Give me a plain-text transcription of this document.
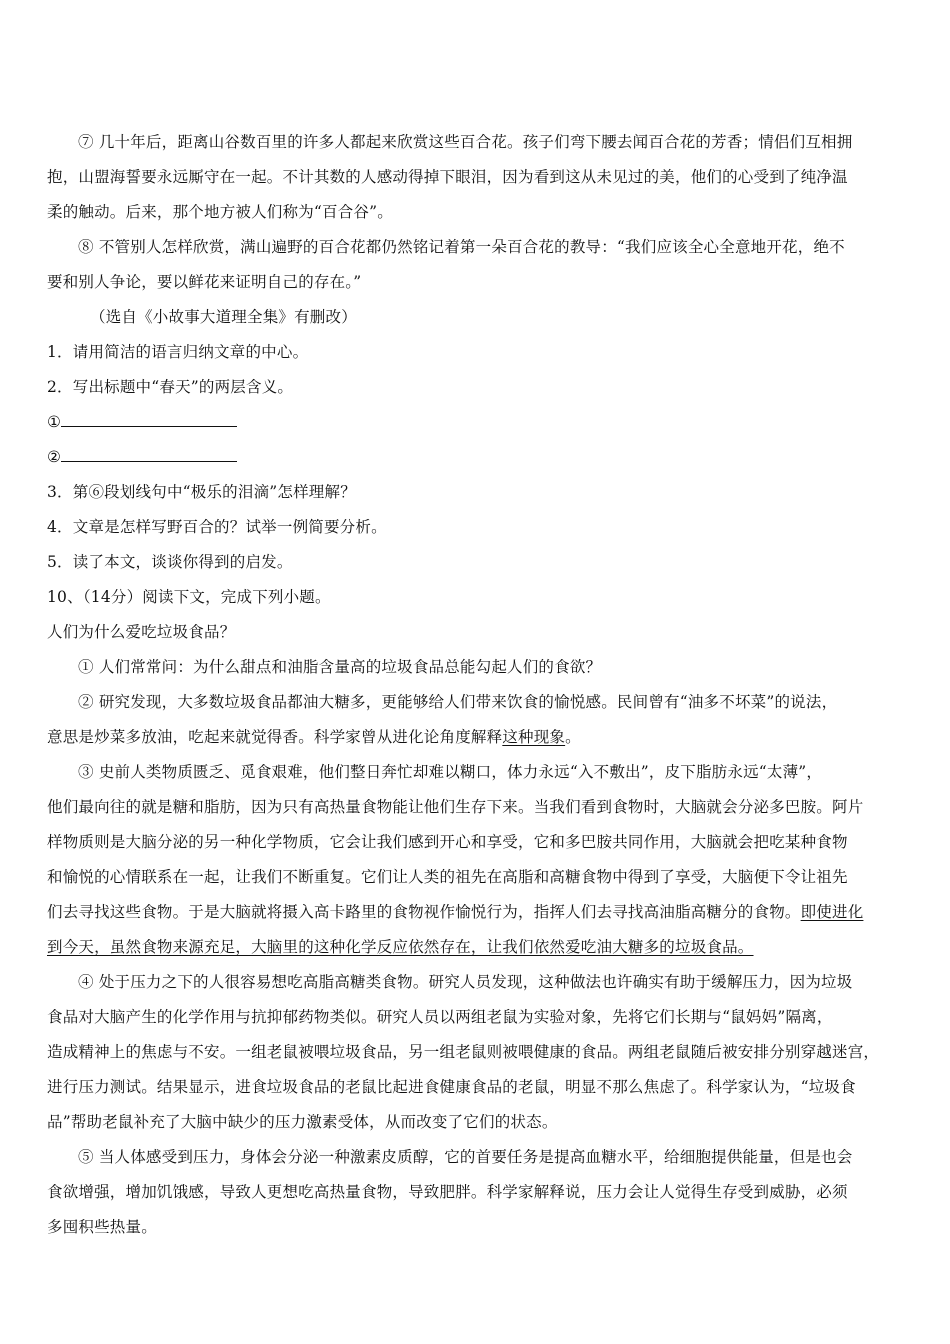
⑦ 几十年后，距离山谷数百里的许多人都起来欣赏这些百合花。孩子们弯下腰去闻百合花的芳香；情侣们互相拥
抱，山盟海誓要永远厮守在一起。不计其数的人感动得掉下眼泪，因为看到这从未见过的美，他们的心受到了纯净温
柔的触动。后来，那个地方被人们称为“百合谷”。
⑧ 不管别人怎样欣赏，满山遍野的百合花都仍然铭记着第一朵百合花的教导：“我们应该全心全意地开花，绝不
要和别人争论，要以鲜花来证明自己的存在。”
（选自《小故事大道理全集》有删改）
1．请用简洁的语言归纳文章的中心。
2．写出标题中“春天”的两层含义。
①
②
3．第⑥段划线句中“极乐的泪滴”怎样理解？
4．文章是怎样写野百合的？试举一例简要分析。
5．读了本文，谈谈你得到的启发。
10、（14分）阅读下文，完成下列小题。
人们为什么爱吃垃圾食品？
① 人们常常问：为什么甜点和油脂含量高的垃圾食品总能勾起人们的食欲？
② 研究发现，大多数垃圾食品都油大糖多，更能够给人们带来饮食的愉悦感。民间曾有“油多不坏菜”的说法，
意思是炒菜多放油，吃起来就觉得香。科学家曾从进化论角度解释这种现象。
③ 史前人类物质匮乏、觅食艰难，他们整日奔忙却难以糊口，体力永远“入不敷出”，皮下脂肪永远“太薄”，
他们最向往的就是糖和脂肪，因为只有高热量食物能让他们生存下来。当我们看到食物时，大脑就会分泌多巴胺。阿片
样物质则是大脑分泌的另一种化学物质，它会让我们感到开心和享受，它和多巴胺共同作用，大脑就会把吃某种食物
和愉悦的心情联系在一起，让我们不断重复。它们让人类的祖先在高脂和高糖食物中得到了享受，大脑便下令让祖先
们去寻找这些食物。于是大脑就将摄入高卡路里的食物视作愉悦行为，指挥人们去寻找高油脂高糖分的食物。即使进化
到今天，虽然食物来源充足，大脑里的这种化学反应依然存在，让我们依然爱吃油大糖多的垃圾食品。
④ 处于压力之下的人很容易想吃高脂高糖类食物。研究人员发现，这种做法也许确实有助于缓解压力，因为垃圾
食品对大脑产生的化学作用与抗抑郁药物类似。研究人员以两组老鼠为实验对象，先将它们长期与“鼠妈妈”隔离，
造成精神上的焦虑与不安。一组老鼠被喂垃圾食品，另一组老鼠则被喂健康的食品。两组老鼠随后被安排分别穿越迷宫，
进行压力测试。结果显示，进食垃圾食品的老鼠比起进食健康食品的老鼠，明显不那么焦虑了。科学家认为，“垃圾食
品”帮助老鼠补充了大脑中缺少的压力激素受体，从而改变了它们的状态。
⑤ 当人体感受到压力，身体会分泌一种激素皮质醇，它的首要任务是提高血糖水平，给细胞提供能量，但是也会
食欲增强，增加饥饿感，导致人更想吃高热量食物，导致肥胖。科学家解释说，压力会让人觉得生存受到威胁，必须
多囤积些热量。
